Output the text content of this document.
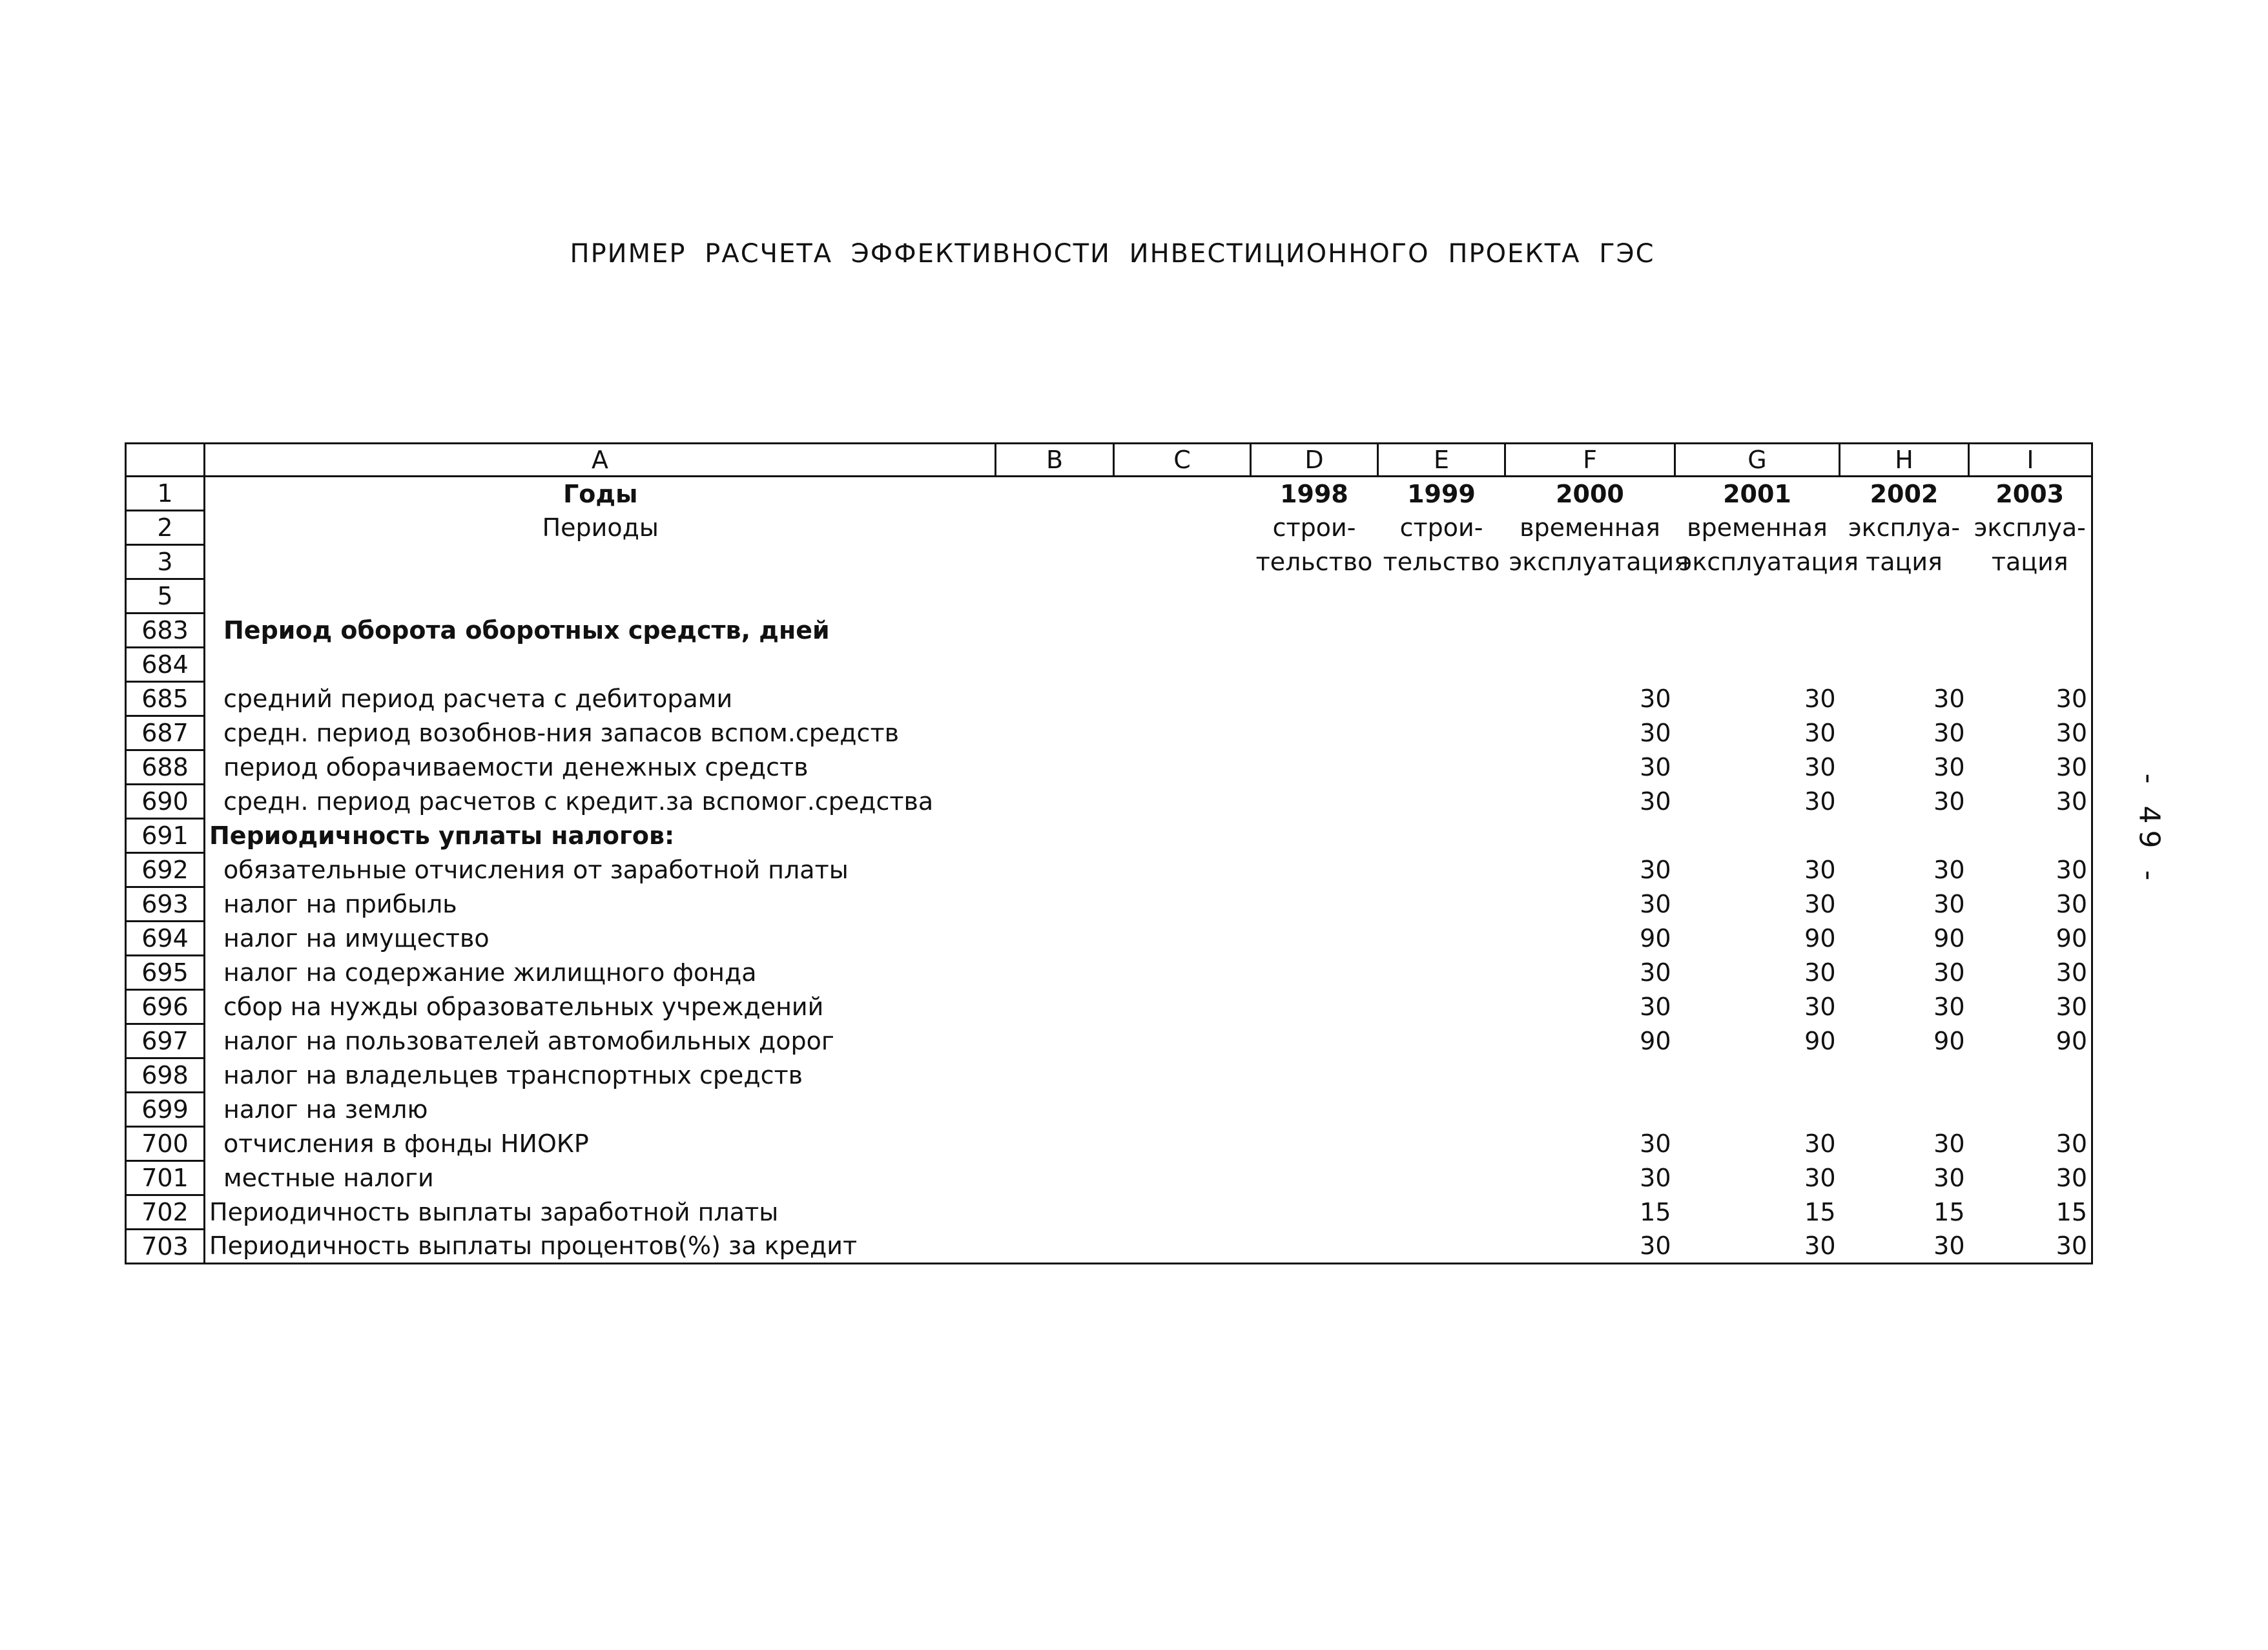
ПРИМЕР РАСЧЕТА ЭФФЕКТИВНОСТИ ИНВЕСТИЦИОННОГО ПРОЕКТА ГЭС
- 49 -
	A	B	C	D	E	F	G	H	I
1	Годы			1998	1999	2000	2001	2002	2003
2	Периоды			строи-	строи-	временная	временная	эксплуа-	эксплуа-
3				тельство	тельство	эксплуатация	эксплуатация	тация	тация
5									
683	Период оборота оборотных средств, дней								
684									
685	средний период расчета с дебиторами					30	30	30	30
687	средн. период возобнов-ния запасов вспом.средств					30	30	30	30
688	период оборачиваемости денежных средств					30	30	30	30
690	средн. период расчетов с кредит.за вспомог.средства					30	30	30	30
691	Периодичность уплаты налогов:								
692	обязательные отчисления от заработной платы					30	30	30	30
693	налог на прибыль					30	30	30	30
694	налог на имущество					90	90	90	90
695	налог на содержание жилищного фонда					30	30	30	30
696	сбор на нужды образовательных учреждений					30	30	30	30
697	налог на пользователей автомобильных дорог					90	90	90	90
698	налог на владельцев транспортных средств								
699	налог на землю								
700	отчисления в фонды НИОКР					30	30	30	30
701	местные налоги					30	30	30	30
702	Периодичность выплаты заработной платы					15	15	15	15
703	Периодичность выплаты процентов(%) за кредит					30	30	30	30
